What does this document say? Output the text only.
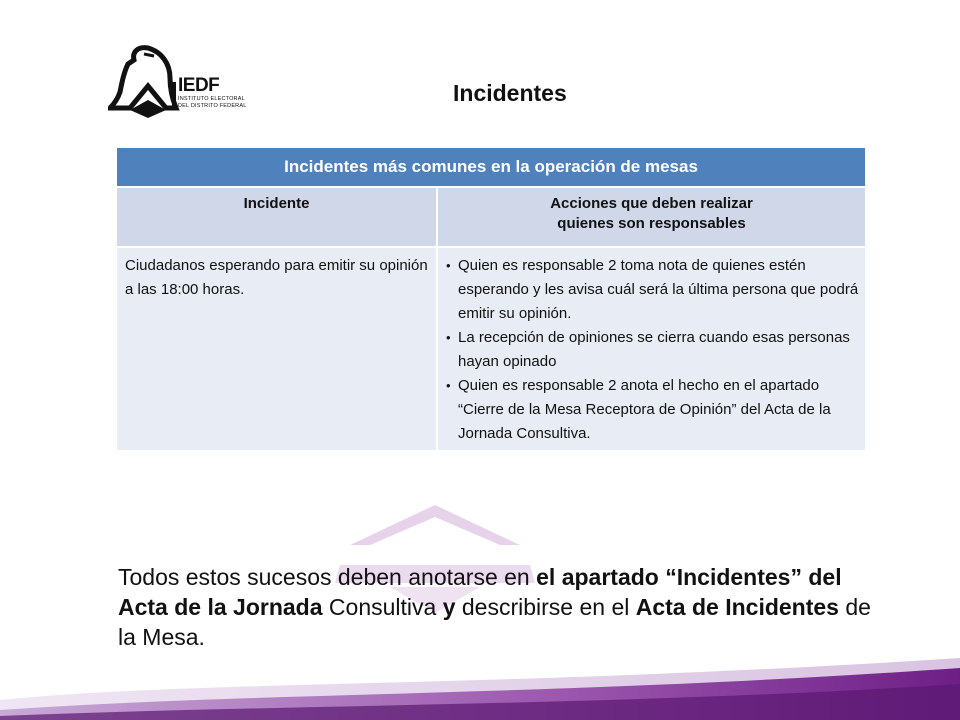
IEDF
INSTITUTO ELECTORAL
DEL DISTRITO FEDERAL	Incidentes
Incidentes más comunes en la operación de mesas	
Incidente	Acciones que deben realizar
quienes son responsables
Ciudadanos esperando para emitir su opinión a las 18:00 horas.	• Quien es responsable 2 toma nota de quienes estén esperando y les avisa cuál será la última persona que podrá emitir su opinión.
• La recepción de opiniones se cierra cuando esas personas hayan opinado
• Quien es responsable 2 anota el hecho en el apartado “Cierre de la Mesa Receptora de Opinión” del Acta de la Jornada Consultiva.
Todos estos sucesos deben anotarse en el apartado “Incidentes” del Acta de la Jornada Consultiva y describirse en el Acta de Incidentes de la Mesa.
